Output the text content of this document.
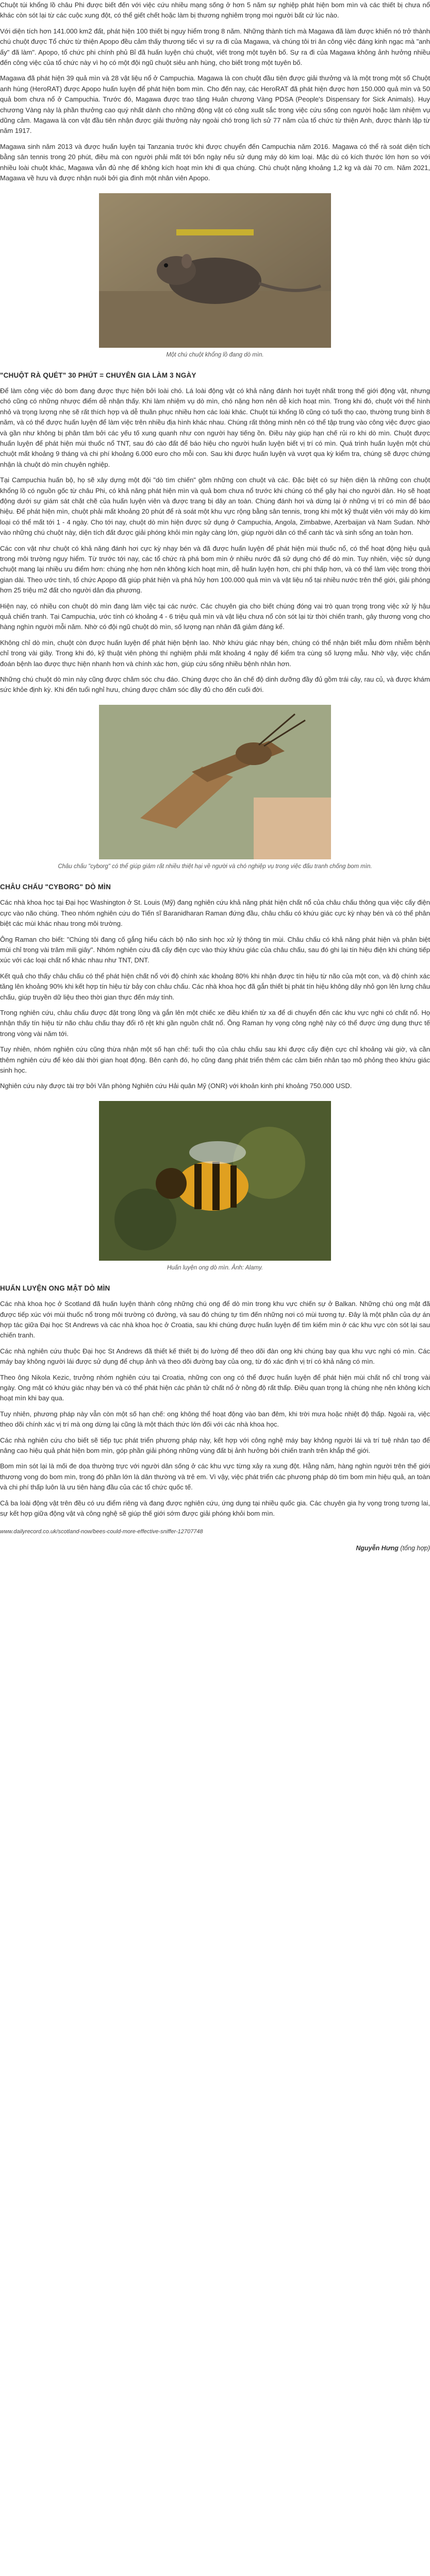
Chuột túi khổng lồ châu Phi được biết đến với việc cứu nhiều mạng sống ở hơn 5 năm sự nghiệp phát hiện bom mìn và các thiết bị chưa nổ khác còn sót lại từ các cuộc xung đột, có thể giết chết hoặc làm bị thương nghiêm trọng mọi người bất cứ lúc nào.

Với diện tích hơn 141.000 km2 đất, phát hiện 100 thiết bị nguy hiểm trong 8 năm. Những thành tích mà Magawa đã làm được khiến nó trở thành chú chuột được Tổ chức từ thiện Apopo đều cảm thấy thương tiếc vì sự ra đi của Magawa, và chúng tôi tri ân công việc đáng kinh ngạc mà "anh ấy" đã làm". Apopo, tổ chức phi chính phủ Bỉ đã huấn luyện chú chuột, viết trong một tuyên bố. Sự ra đi của Magawa không ảnh hưởng nhiều đến công việc của tổ chức này vì họ có một đội ngũ chuột siêu anh hùng, cho biết trong một tuyên bố.

Magawa đã phát hiện 39 quả mìn và 28 vật liệu nổ ở Campuchia. Magawa là con chuột đầu tiên được giải thưởng và là một trong một số Chuột anh hùng (HeroRAT) được Apopo huấn luyện để phát hiện bom mìn. Cho đến nay, các HeroRAT đã phát hiện được hơn 150.000 quả mìn và 50 quả bom chưa nổ ở Campuchia. Trước đó, Magawa được trao tặng Huân chương Vàng PDSA (People's Dispensary for Sick Animals). Huy chương Vàng này là phần thưởng cao quý nhất dành cho những động vật có công xuất sắc trong việc cứu sống con người hoặc làm nhiệm vụ dũng cảm. Magawa là con vật đầu tiên nhận được giải thưởng này ngoài chó trong lịch sử 77 năm của tổ chức từ thiện Anh, được thành lập từ năm 1917.

Magawa sinh năm 2013 và được huấn luyện tại Tanzania trước khi được chuyển đến Campuchia năm 2016. Magawa có thể rà soát diện tích bằng sân tennis trong 20 phút, điều mà con người phải mất tới bốn ngày nếu sử dụng máy dò kim loại. Mặc dù có kích thước lớn hơn so với nhiều loài chuột khác, Magawa vẫn đủ nhẹ để không kích hoạt mìn khi đi qua chúng. Chú chuột nặng khoảng 1,2 kg và dài 70 cm. Năm 2021, Magawa về hưu và được nhận nuôi bởi gia đình một nhân viên Apopo.

Một chú chuột khổng lồ đang dò mìn.
"CHUỘT RÀ QUÉT" 30 PHÚT = CHUYÊN GIA LÀM 3 NGÀY

Để làm công việc dò bom đang được thực hiện bởi loài chó. Lá loài động vật có khả năng đánh hơi tuyệt nhất trong thế giới động vật, nhưng chó cũng có những nhược điểm dễ nhận thấy. Khi làm nhiệm vụ dò mìn, chó nặng hơn nên dễ kích hoạt mìn. Trong khi đó, chuột với thể hình nhỏ và trọng lượng nhẹ sẽ rất thích hợp và dễ thuần phục nhiều hơn các loài khác. Chuột túi khổng lồ cũng có tuổi thọ cao, thường trung bình 8 năm, và có thể được huấn luyện để làm việc trên nhiều địa hình khác nhau. Chúng rất thông minh nên có thể tập trung vào công việc được giao và gần như không bị phân tâm bởi các yếu tố xung quanh như con người hay tiếng ồn. Điều này giúp hạn chế rủi ro khi dò mìn. Chuột được huấn luyện để phát hiện mùi thuốc nổ TNT, sau đó cào đất để báo hiệu cho người huấn luyện biết vị trí có mìn. Quá trình huấn luyện một chú chuột mất khoảng 9 tháng và chi phí khoảng 6.000 euro cho mỗi con. Sau khi được huấn luyện và vượt qua kỳ kiểm tra, chúng sẽ được chứng nhận là chuột dò mìn chuyên nghiệp.

Tại Campuchia huấn bộ, họ sẽ xây dựng một đội "dò tìm chiến" gồm những con chuột và các. Đặc biệt có sự hiện diện là những con chuột khổng lồ có nguồn gốc từ châu Phi, có khả năng phát hiện mìn và quả bom chưa nổ trước khi chúng có thể gây hại cho người dân. Họ sẽ hoạt động dưới sự giám sát chặt chẽ của huấn luyện viên và được trang bị dây an toàn. Chúng đánh hơi và dừng lại ở những vị trí có mìn để báo hiệu. Để phát hiện mìn, chuột phải mất khoảng 20 phút để rà soát một khu vực rộng bằng sân tennis, trong khi một kỹ thuật viên với máy dò kim loại có thể mất tới 1 - 4 ngày. Cho tới nay, chuột dò mìn hiện được sử dụng ở Campuchia, Angola, Zimbabwe, Azerbaijan và Nam Sudan. Nhờ vào những chú chuột này, diện tích đất được giải phóng khỏi mìn ngày càng lớn, giúp người dân có thể canh tác và sinh sống an toàn hơn.

Các con vật như chuột có khả năng đánh hơi cực kỳ nhạy bén và đã được huấn luyện để phát hiện mùi thuốc nổ, có thể hoạt động hiệu quả trong môi trường nguy hiểm. Từ trước tới nay, các tổ chức rà phá bom mìn ở nhiều nước đã sử dụng chó để dò mìn. Tuy nhiên, việc sử dụng chuột mang lại nhiều ưu điểm hơn: chúng nhẹ hơn nên không kích hoạt mìn, dễ huấn luyện hơn, chi phí thấp hơn, và có thể làm việc trong thời gian dài. Theo ước tính, tổ chức Apopo đã giúp phát hiện và phá hủy hơn 100.000 quả mìn và vật liệu nổ tại nhiều nước trên thế giới, giải phóng hơn 25 triệu m2 đất cho người dân địa phương.

Hiện nay, có nhiều con chuột dò mìn đang làm việc tại các nước. Các chuyên gia cho biết chúng đóng vai trò quan trọng trong việc xử lý hậu quả chiến tranh. Tại Campuchia, ước tính có khoảng 4 - 6 triệu quả mìn và vật liệu chưa nổ còn sót lại từ thời chiến tranh, gây thương vong cho hàng nghìn người mỗi năm. Nhờ có đội ngũ chuột dò mìn, số lượng nạn nhân đã giảm đáng kể.

Không chỉ dò mìn, chuột còn được huấn luyện để phát hiện bệnh lao. Nhờ khứu giác nhạy bén, chúng có thể nhận biết mẫu đờm nhiễm bệnh chỉ trong vài giây. Trong khi đó, kỹ thuật viên phòng thí nghiệm phải mất khoảng 4 ngày để kiểm tra cùng số lượng mẫu. Nhờ vậy, việc chẩn đoán bệnh lao được thực hiện nhanh hơn và chính xác hơn, giúp cứu sống nhiều bệnh nhân hơn.

Những chú chuột dò mìn này cũng được chăm sóc chu đáo. Chúng được cho ăn chế độ dinh dưỡng đầy đủ gồm trái cây, rau củ, và được khám sức khỏe định kỳ. Khi đến tuổi nghỉ hưu, chúng được chăm sóc đầy đủ cho đến cuối đời.

Châu chấu "cyborg" có thể giúp giảm rất nhiều thiệt hại về người và chó nghiệp vụ trong việc đấu tranh chống bom mìn.
CHÂU CHẤU "CYBORG" DÒ MÌN

Các nhà khoa học tại Đại học Washington ở St. Louis (Mỹ) đang nghiên cứu khả năng phát hiện chất nổ của châu chấu thông qua việc cấy điện cực vào não chúng. Theo nhóm nghiên cứu do Tiến sĩ Baranidharan Raman đứng đầu, châu chấu có khứu giác cực kỳ nhạy bén và có thể phân biệt các mùi khác nhau trong môi trường.

Ông Raman cho biết: "Chúng tôi đang cố gắng hiểu cách bộ não sinh học xử lý thông tin mùi. Châu chấu có khả năng phát hiện và phân biệt mùi chỉ trong vài trăm mili giây". Nhóm nghiên cứu đã cấy điện cực vào thùy khứu giác của châu chấu, sau đó ghi lại tín hiệu điện khi chúng tiếp xúc với các loại chất nổ khác nhau như TNT, DNT.

Kết quả cho thấy châu chấu có thể phát hiện chất nổ với độ chính xác khoảng 80% khi nhận được tín hiệu từ não của một con, và độ chính xác tăng lên khoảng 90% khi kết hợp tín hiệu từ bảy con châu chấu. Các nhà khoa học đã gắn thiết bị phát tín hiệu không dây nhỏ gọn lên lưng châu chấu, giúp truyền dữ liệu theo thời gian thực đến máy tính.

Trong nghiên cứu, châu chấu được đặt trong lồng và gắn lên một chiếc xe điều khiển từ xa để di chuyển đến các khu vực nghi có chất nổ. Họ nhận thấy tín hiệu từ não châu chấu thay đổi rõ rệt khi gần nguồn chất nổ. Ông Raman hy vọng công nghệ này có thể được ứng dụng thực tế trong vòng vài năm tới.

Tuy nhiên, nhóm nghiên cứu cũng thừa nhận một số hạn chế: tuổi thọ của châu chấu sau khi được cấy điện cực chỉ khoảng vài giờ, và cần thêm nghiên cứu để kéo dài thời gian hoạt động. Bên cạnh đó, họ cũng đang phát triển thêm các cảm biến nhân tạo mô phỏng theo khứu giác sinh học.

Nghiên cứu này được tài trợ bởi Văn phòng Nghiên cứu Hải quân Mỹ (ONR) với khoản kinh phí khoảng 750.000 USD.

Huấn luyện ong dò mìn. Ảnh: Alamy.
HUẤN LUYỆN ONG MẬT DÒ MÌN

Các nhà khoa học ở Scotland đã huấn luyện thành công những chú ong để dò mìn trong khu vực chiến sự ở Balkan. Những chú ong mật đã được tiếp xúc với mùi thuốc nổ trong môi trường có đường, và sau đó chúng tự tìm đến những nơi có mùi tương tự. Đây là một phần của dự án hợp tác giữa Đại học St Andrews và các nhà khoa học ở Croatia, sau khi chúng được huấn luyện để tìm kiếm mìn ở các khu vực còn sót lại sau chiến tranh.

Các nhà nghiên cứu thuộc Đại học St Andrews đã thiết kế thiết bị đo lường để theo dõi đàn ong khi chúng bay qua khu vực nghi có mìn. Các máy bay không người lái được sử dụng để chụp ảnh và theo dõi đường bay của ong, từ đó xác định vị trí có khả năng có mìn.

Theo ông Nikola Kezic, trưởng nhóm nghiên cứu tại Croatia, những con ong có thể được huấn luyện để phát hiện mùi chất nổ chỉ trong vài ngày. Ong mật có khứu giác nhạy bén và có thể phát hiện các phân tử chất nổ ở nồng độ rất thấp. Điều quan trọng là chúng nhẹ nên không kích hoạt mìn khi bay qua.

Tuy nhiên, phương pháp này vẫn còn một số hạn chế: ong không thể hoạt động vào ban đêm, khi trời mưa hoặc nhiệt độ thấp. Ngoài ra, việc theo dõi chính xác vị trí mà ong dừng lại cũng là một thách thức lớn đối với các nhà khoa học.

Các nhà nghiên cứu cho biết sẽ tiếp tục phát triển phương pháp này, kết hợp với công nghệ máy bay không người lái và trí tuệ nhân tạo để nâng cao hiệu quả phát hiện bom mìn, góp phần giải phóng những vùng đất bị ảnh hưởng bởi chiến tranh trên khắp thế giới.

Bom mìn sót lại là mối đe dọa thường trực với người dân sống ở các khu vực từng xảy ra xung đột. Hằng năm, hàng nghìn người trên thế giới thương vong do bom mìn, trong đó phần lớn là dân thường và trẻ em. Vì vậy, việc phát triển các phương pháp dò tìm bom mìn hiệu quả, an toàn và chi phí thấp luôn là ưu tiên hàng đầu của các tổ chức quốc tế.

Cả ba loài động vật trên đều có ưu điểm riêng và đang được nghiên cứu, ứng dụng tại nhiều quốc gia. Các chuyên gia hy vọng trong tương lai, sự kết hợp giữa động vật và công nghệ sẽ giúp thế giới sớm được giải phóng khỏi bom mìn.

www.dailyrecord.co.uk/scotland-now/bees-could-more-effective-sniffer-12707748
Nguyễn Hưng (tổng hợp)
